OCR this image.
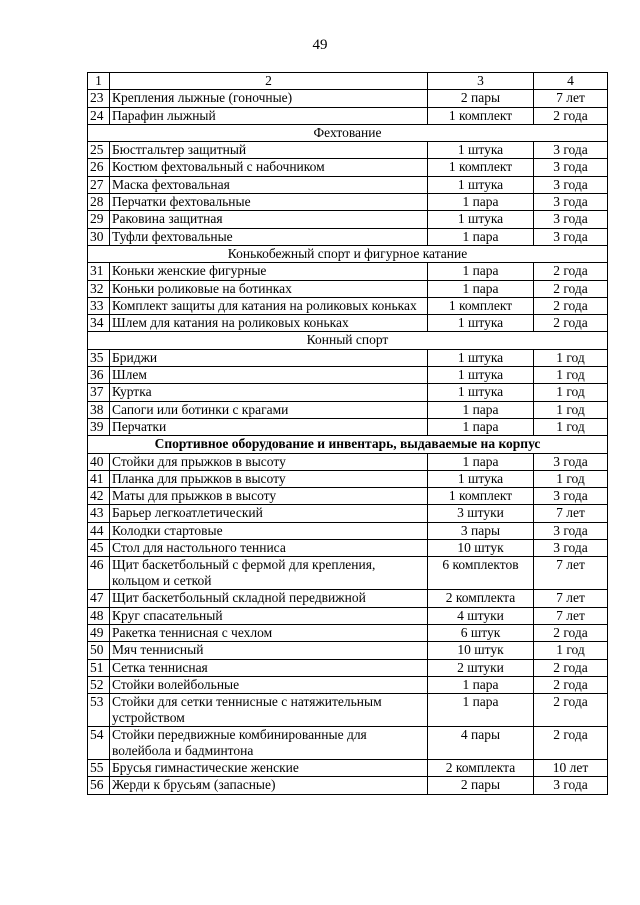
49
1	2	3	4
23	Крепления лыжные (гоночные)	2 пары	7 лет
24	Парафин лыжный	1 комплект	2 года
Фехтование			
25	Бюстгальтер защитный	1 штука	3 года
26	Костюм фехтовальный с набочником	1 комплект	3 года
27	Маска фехтовальная	1 штука	3 года
28	Перчатки фехтовальные	1 пара	3 года
29	Раковина защитная	1 штука	3 года
30	Туфли фехтовальные	1 пара	3 года
Конькобежный спорт и фигурное катание			
31	Коньки женские фигурные	1 пара	2 года
32	Коньки роликовые на ботинках	1 пара	2 года
33	Комплект защиты для катания на роликовых коньках	1 комплект	2 года
34	Шлем для катания на роликовых коньках	1 штука	2 года
Конный спорт			
35	Бриджи	1 штука	1 год
36	Шлем	1 штука	1 год
37	Куртка	1 штука	1 год
38	Сапоги или ботинки с крагами	1 пара	1 год
39	Перчатки	1 пара	1 год
Спортивное оборудование и инвентарь, выдаваемые на корпус			
40	Стойки для прыжков в высоту	1 пара	3 года
41	Планка для прыжков в высоту	1 штука	1 год
42	Маты для прыжков в высоту	1 комплект	3 года
43	Барьер легкоатлетический	3 штуки	7 лет
44	Колодки стартовые	3 пары	3 года
45	Стол для настольного тенниса	10 штук	3 года
46	Щит баскетбольный с фермой для крепления, кольцом и сеткой	6 комплектов	7 лет
47	Щит баскетбольный складной передвижной	2 комплекта	7 лет
48	Круг спасательный	4 штуки	7 лет
49	Ракетка теннисная с чехлом	6 штук	2 года
50	Мяч теннисный	10 штук	1 год
51	Сетка теннисная	2 штуки	2 года
52	Стойки волейбольные	1 пара	2 года
53	Стойки для сетки теннисные с натяжительным устройством	1 пара	2 года
54	Стойки передвижные комбинированные для волейбола и бадминтона	4 пары	2 года
55	Брусья гимнастические женские	2 комплекта	10 лет
56	Жерди к брусьям (запасные)	2 пары	3 года
